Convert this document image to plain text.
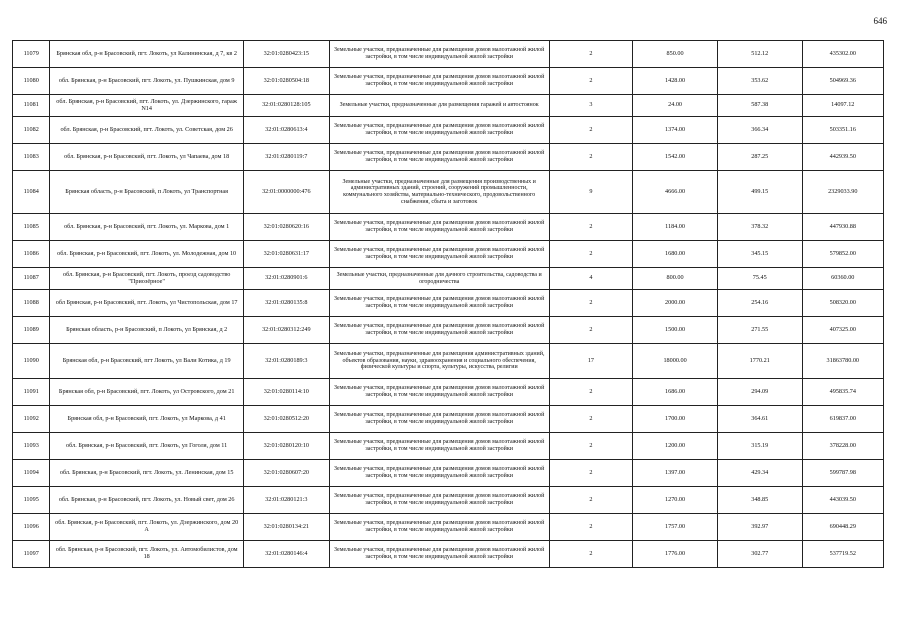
646
11079	Брянская обл, р-н Брасовский, пгт. Локоть, ул Калининская, д 7, кв 2	32:01:0280423:15	Земельные участки, предназначенные для размещения домов малоэтажной жилой застройки, в том числе индивидуальной жилой застройки	2	850.00	512.12	435302.00
11080	обл. Брянская, р-н Брасовский, пгт. Локоть, ул. Пушкинская, дом 9	32:01:0280504:18	Земельные участки, предназначенные для размещения домов малоэтажной жилой застройки, в том числе индивидуальной жилой застройки	2	1428.00	353.62	504969.36
11081	обл. Брянская, р-н Брасовский, пгт. Локоть, ул. Дзержинского, гараж N14	32:01:0280128:105	Земельные участки, предназначенные для размещения гаражей и автостоянок	3	24.00	587.38	14097.12
11082	обл. Брянская, р-н Брасовский, пгт. Локоть, ул. Советская, дом 26	32:01:0280613:4	Земельные участки, предназначенные для размещения домов малоэтажной жилой застройки, в том числе индивидуальной жилой застройки	2	1374.00	366.34	503351.16
11083	обл. Брянская, р-н Брасовский, пгт. Локоть, ул Чапаева, дом 18	32:01:0280119:7	Земельные участки, предназначенные для размещения домов малоэтажной жилой застройки, в том числе индивидуальной жилой застройки	2	1542.00	287.25	442939.50
11084	Брянская область, р-н Брасовский, п Локоть, ул Транспортная	32:01:0000000:476	Земельные участки, предназначенные для размещения производственных и административных зданий, строений, сооружений промышленности, коммунального хозяйства, материально-технического, продовольственного снабжения, сбыта и заготовок	9	4666.00	499.15	2329033.90
11085	обл. Брянская, р-н Брасовский, пгт. Локоть, ул. Маркова, дом 1	32:01:0280620:16	Земельные участки, предназначенные для размещения домов малоэтажной жилой застройки, в том числе индивидуальной жилой застройки	2	1184.00	378.32	447930.88
11086	обл. Брянская, р-н Брасовский, пгт. Локоть, ул. Молодежная, дом 10	32:01:0280631:17	Земельные участки, предназначенные для размещения домов малоэтажной жилой застройки, в том числе индивидуальной жилой застройки	2	1680.00	345.15	579852.00
11087	обл. Брянская, р-н Брасовский, пгт. Локоть, проезд садоводство "Приозёрное"	32:01:0280901:6	Земельные участки, предназначенные для дачного строительства, садоводства и огородничества	4	800.00	75.45	60360.00
11088	обл Брянская, р-н Брасовский, пгт. Локоть, ул Чистопольская, дом 17	32:01:0280135:8	Земельные участки, предназначенные для размещения домов малоэтажной жилой застройки, в том числе индивидуальной жилой застройки	2	2000.00	254.16	508320.00
11089	Брянская область, р-н Брасовский, п Локоть, ул Брянская, д 2	32:01:0280312:249	Земельные участки, предназначенные для размещения домов малоэтажной жилой застройки, в том числе индивидуальной жилой застройки	2	1500.00	271.55	407325.00
11090	Брянская обл, р-н Брасовский, пгт Локоть, ул Вали Котика, д 19	32:01:0280189:3	Земельные участки, предназначенные для размещения административных зданий, объектов образования, науки, здравоохранения и социального обеспечения, физической культуры и спорта, культуры, искусства, религии	17	18000.00	1770.21	31863780.00
11091	Брянская обл, р-н Брасовский, пгт. Локоть, ул Островского, дом 21	32:01:0280114:10	Земельные участки, предназначенные для размещения домов малоэтажной жилой застройки, в том числе индивидуальной жилой застройки	2	1686.00	294.09	495835.74
11092	Брянская обл, р-н Брасовский, пгт. Локоть, ул Маркова, д 41	32:01:0280512:20	Земельные участки, предназначенные для размещения домов малоэтажной жилой застройки, в том числе индивидуальной жилой застройки	2	1700.00	364.61	619837.00
11093	обл. Брянская, р-н Брасовский, пгт. Локоть, ул Гоголя, дом 11	32:01:0280120:10	Земельные участки, предназначенные для размещения домов малоэтажной жилой застройки, в том числе индивидуальной жилой застройки	2	1200.00	315.19	378228.00
11094	обл. Брянская, р-н Брасовский, пгт. Локоть, ул. Ленинская, дом 15	32:01:0280607:20	Земельные участки, предназначенные для размещения домов малоэтажной жилой застройки, в том числе индивидуальной жилой застройки	2	1397.00	429.34	599787.98
11095	обл. Брянская, р-н Брасовский, пгт. Локоть, ул. Новый свет, дом 26	32:01:0280121:3	Земельные участки, предназначенные для размещения домов малоэтажной жилой застройки, в том числе индивидуальной жилой застройки	2	1270.00	348.85	443039.50
11096	обл. Брянская, р-н Брасовский, пгт. Локоть, ул. Дзержинского, дом 20 А	32:01:0280134:21	Земельные участки, предназначенные для размещения домов малоэтажной жилой застройки, в том числе индивидуальной жилой застройки	2	1757.00	392.97	690448.29
11097	обл. Брянская, р-н Брасовский, пгт. Локоть, ул. Автомобилистов, дом 18	32:01:0280146:4	Земельные участки, предназначенные для размещения домов малоэтажной жилой застройки, в том числе индивидуальной жилой застройки	2	1776.00	302.77	537719.52
